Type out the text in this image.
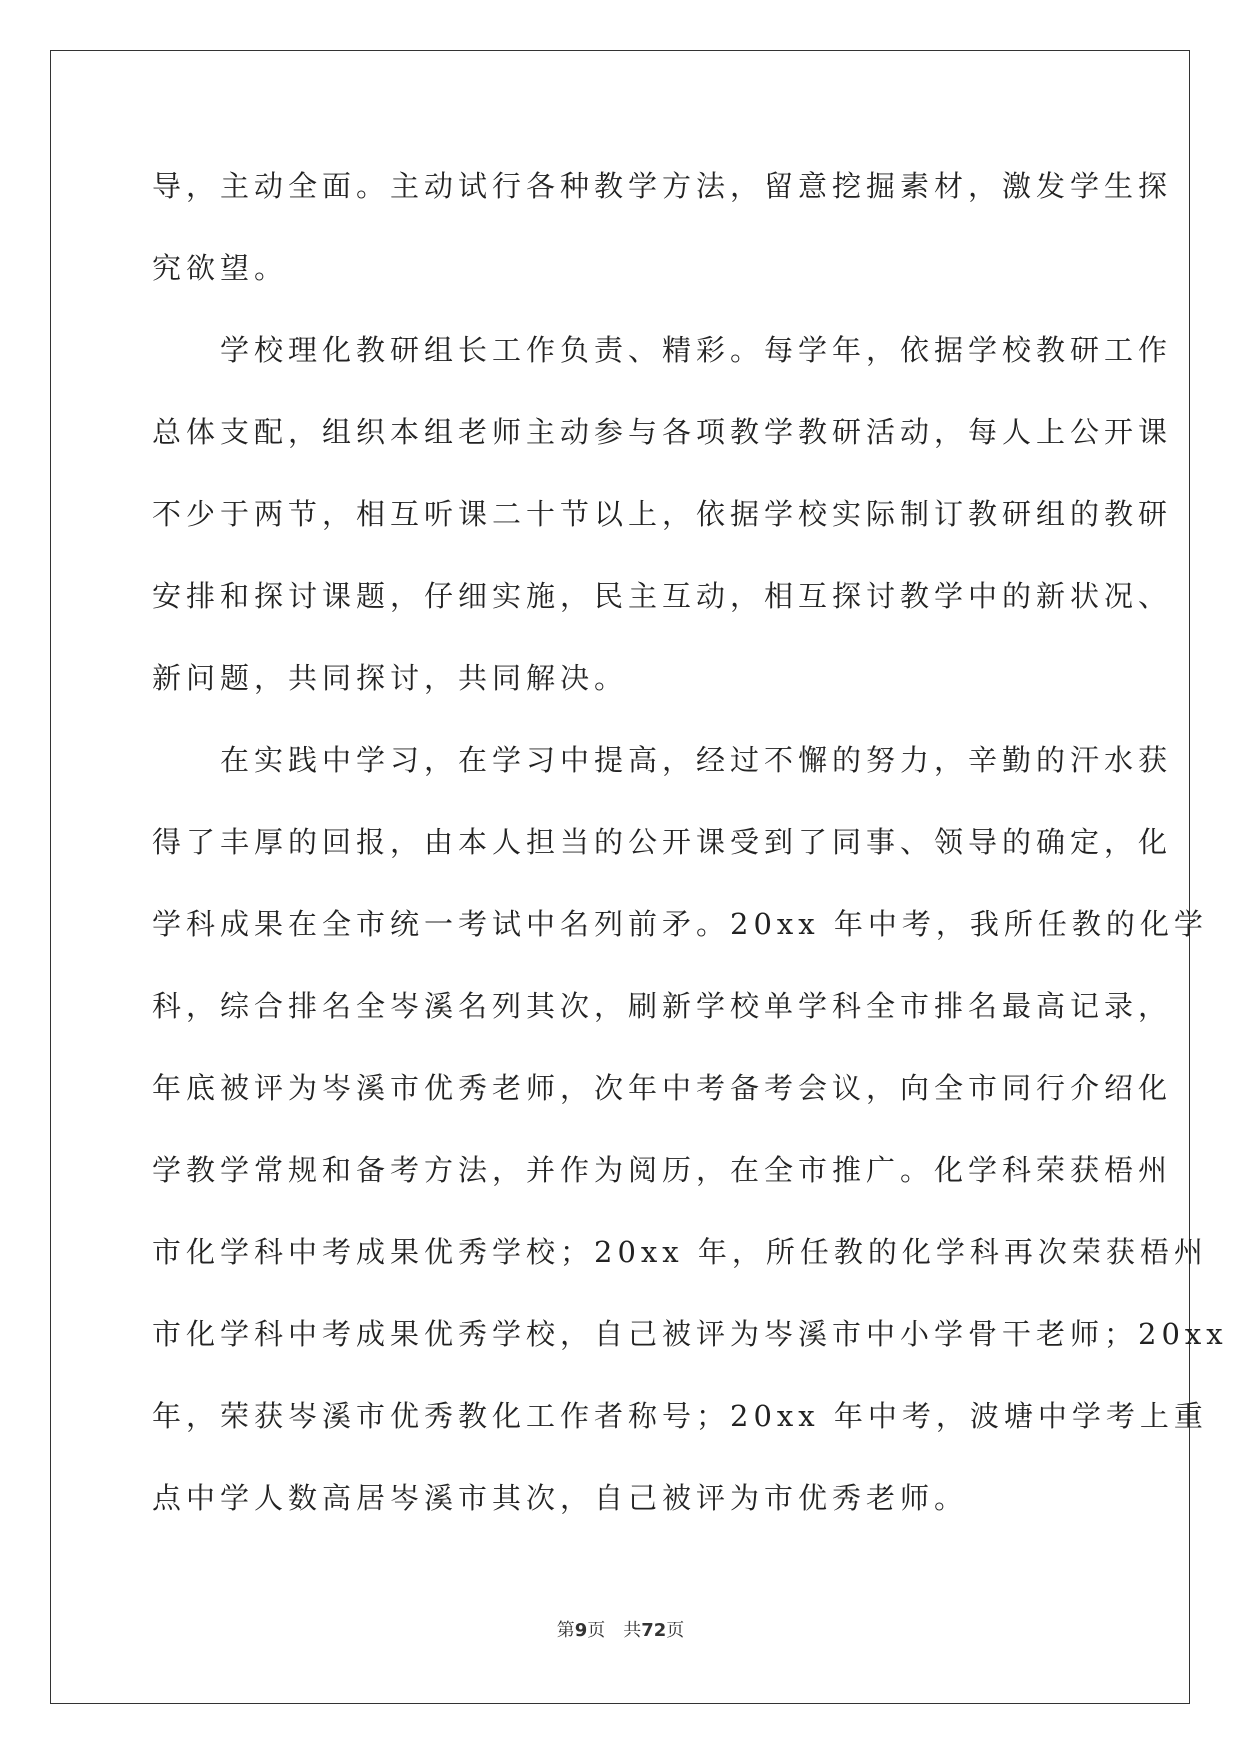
导，主动全面。主动试行各种教学方法，留意挖掘素材，激发学生探
究欲望。
　　学校理化教研组长工作负责、精彩。每学年，依据学校教研工作
总体支配，组织本组老师主动参与各项教学教研活动，每人上公开课
不少于两节，相互听课二十节以上，依据学校实际制订教研组的教研
安排和探讨课题，仔细实施，民主互动，相互探讨教学中的新状况、
新问题，共同探讨，共同解决。
　　在实践中学习，在学习中提高，经过不懈的努力，辛勤的汗水获
得了丰厚的回报，由本人担当的公开课受到了同事、领导的确定，化
学科成果在全市统一考试中名列前矛。20xx 年中考，我所任教的化学
科，综合排名全岑溪名列其次，刷新学校单学科全市排名最高记录，
年底被评为岑溪市优秀老师，次年中考备考会议，向全市同行介绍化
学教学常规和备考方法，并作为阅历，在全市推广。化学科荣获梧州
市化学科中考成果优秀学校；20xx 年，所任教的化学科再次荣获梧州
市化学科中考成果优秀学校，自己被评为岑溪市中小学骨干老师；20xx
年，荣获岑溪市优秀教化工作者称号；20xx 年中考，波塘中学考上重
点中学人数高居岑溪市其次，自己被评为市优秀老师。
第9页　 共72页
